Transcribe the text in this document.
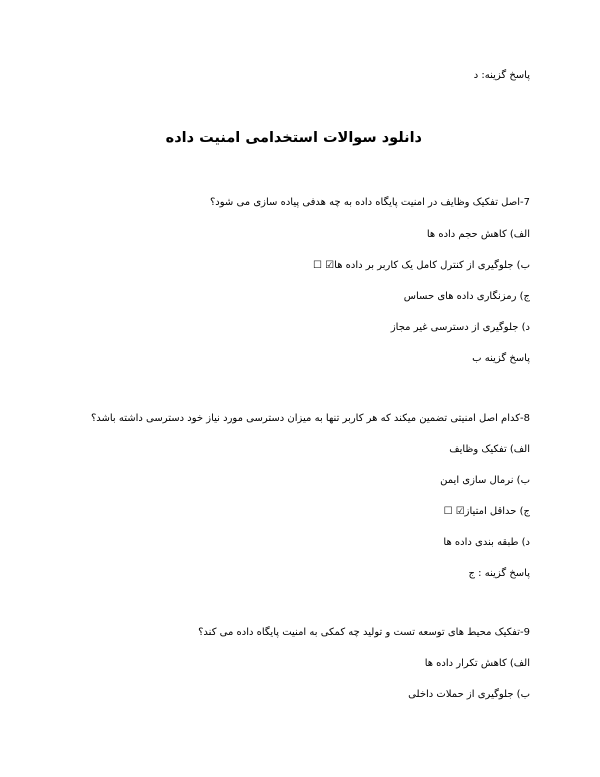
پاسخ گزینه: د

دانلود سوالات استخدامی امنیت داده

7-اصل تفکیک وظایف در امنیت پایگاه داده به چه هدفی پیاده سازی می شود؟

الف) کاهش حجم داده ها

ب) جلوگیری از کنترل کامل یک کاربر بر داده ها☑ ☐

ج) رمزنگاری داده های حساس

د) جلوگیری از دسترسی غیر مجاز

پاسخ گزینه ب

8-کدام اصل امنیتی تضمین میکند که هر کاربر تنها به میزان دسترسی مورد نیاز خود دسترسی داشته باشد؟

الف) تفکیک وظایف

ب) نرمال سازی ایمن

ج) حداقل امتیاز☑ ☐

د) طبقه بندی داده ها

پاسخ گزینه : ج

9-تفکیک محیط های توسعه تست و تولید چه کمکی به امنیت پایگاه داده می کند؟

الف) کاهش تکرار داده ها

ب) جلوگیری از حملات داخلی
